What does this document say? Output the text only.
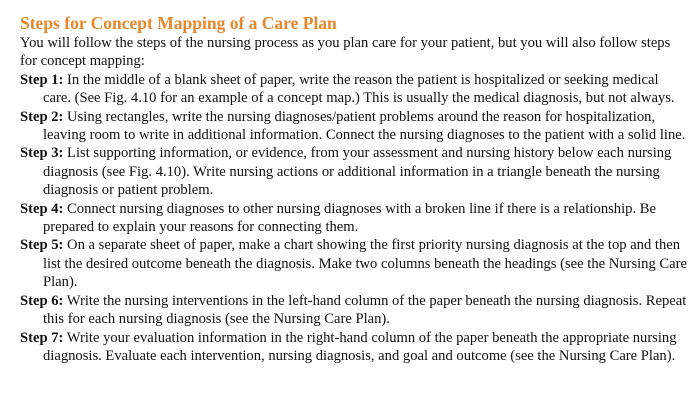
Steps for Concept Mapping of a Care Plan

You will follow the steps of the nursing process as you plan care for your patient, but you will also follow steps for concept mapping:

Step 1: In the middle of a blank sheet of paper, write the reason the patient is hospitalized or seeking medical care. (See Fig. 4.10 for an example of a concept map.) This is usually the medical diagnosis, but not always.
Step 2: Using rectangles, write the nursing diagnoses/patient problems around the reason for hospitalization, leaving room to write in additional information. Connect the nursing diagnoses to the patient with a solid line.
Step 3: List supporting information, or evidence, from your assessment and nursing history below each nursing diagnosis (see Fig. 4.10). Write nursing actions or additional information in a triangle beneath the nursing diagnosis or patient problem.
Step 4: Connect nursing diagnoses to other nursing diagnoses with a broken line if there is a relationship. Be prepared to explain your reasons for connecting them.
Step 5: On a separate sheet of paper, make a chart showing the first priority nursing diagnosis at the top and then list the desired outcome beneath the diagnosis. Make two columns beneath the headings (see the Nursing Care Plan).
Step 6: Write the nursing interventions in the left-hand column of the paper beneath the nursing diagnosis. Repeat this for each nursing diagnosis (see the Nursing Care Plan).
Step 7: Write your evaluation information in the right-hand column of the paper beneath the appropriate nursing diagnosis. Evaluate each intervention, nursing diagnosis, and goal and outcome (see the Nursing Care Plan).
